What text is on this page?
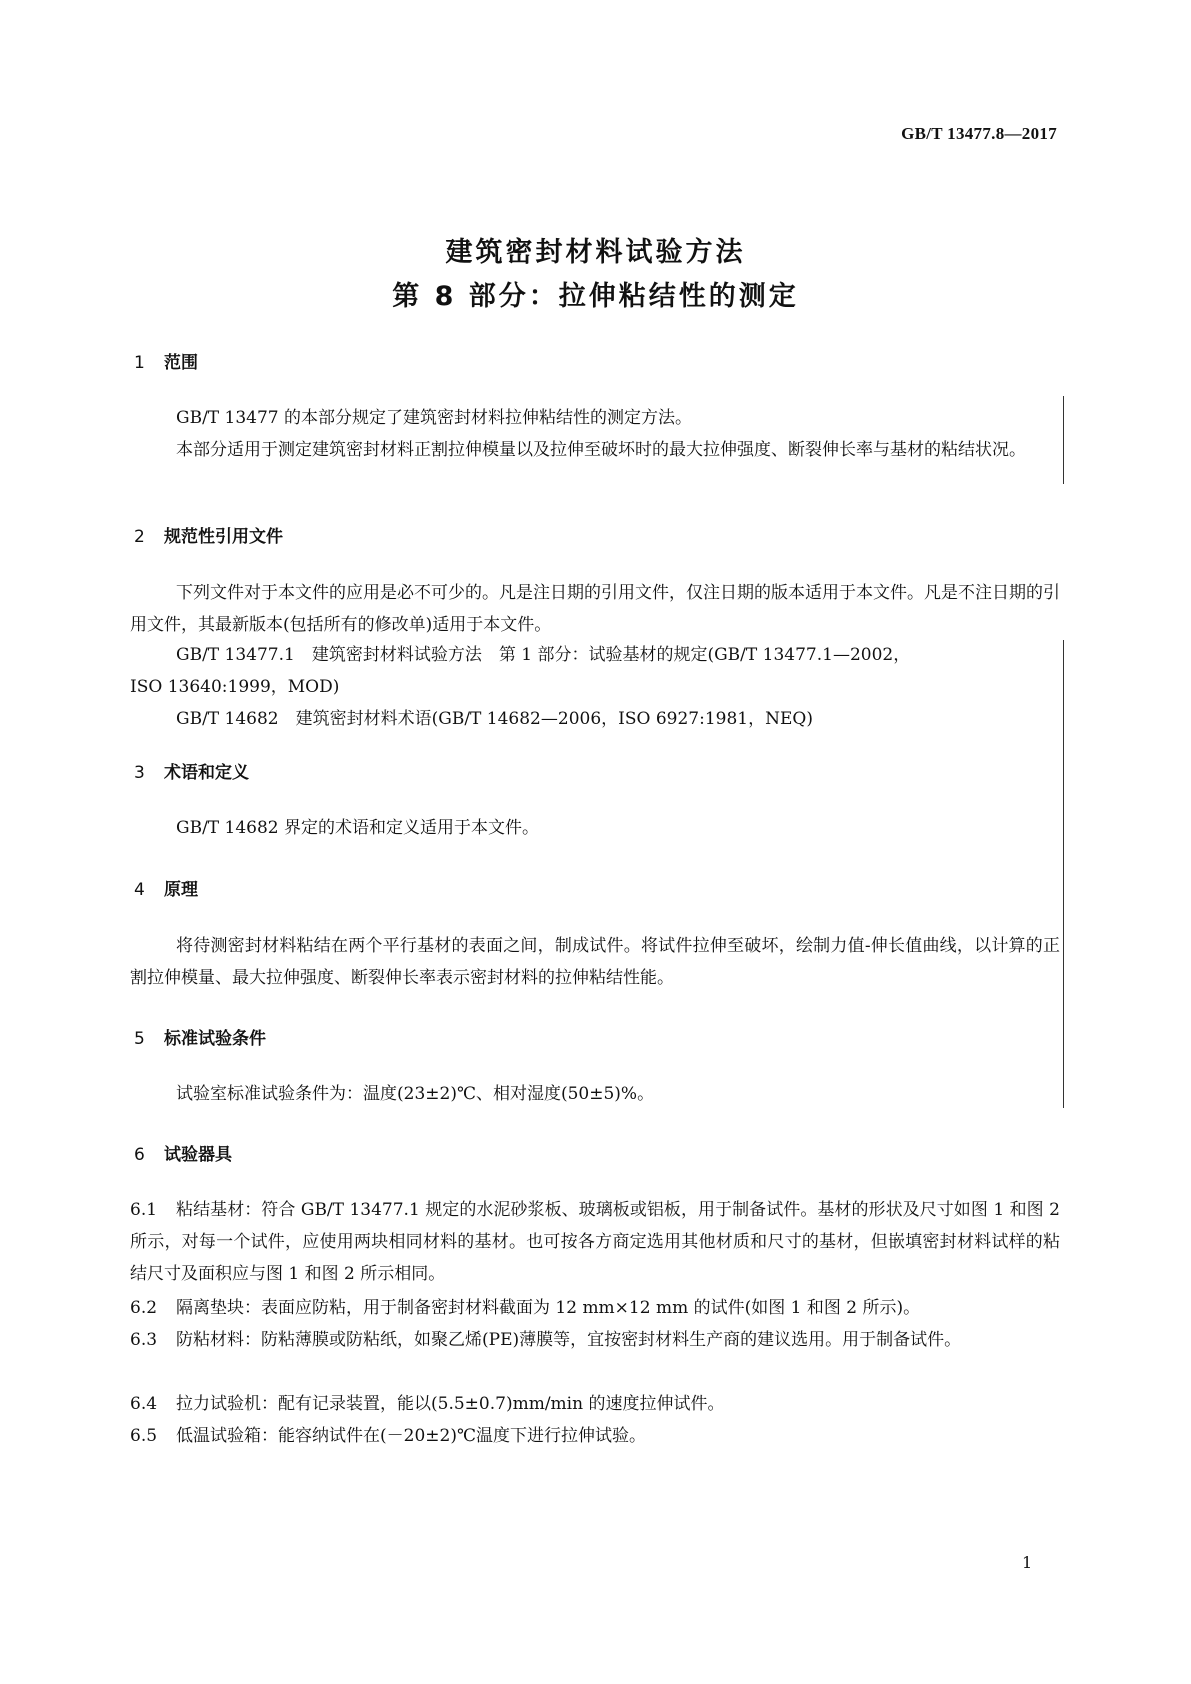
GB/T 13477.8—2017
建筑密封材料试验方法
第 8 部分：拉伸粘结性的测定
1 范围
GB/T 13477 的本部分规定了建筑密封材料拉伸粘结性的测定方法。
本部分适用于测定建筑密封材料正割拉伸模量以及拉伸至破坏时的最大拉伸强度、断裂伸长率与基材的粘结状况。
2 规范性引用文件
下列文件对于本文件的应用是必不可少的。凡是注日期的引用文件，仅注日期的版本适用于本文件。凡是不注日期的引用文件，其最新版本(包括所有的修改单)适用于本文件。
GB/T 13477.1　建筑密封材料试验方法　第 1 部分：试验基材的规定(GB/T 13477.1—2002，
ISO 13640:1999，MOD)
GB/T 14682　建筑密封材料术语(GB/T 14682—2006，ISO 6927:1981，NEQ)
3 术语和定义
GB/T 14682 界定的术语和定义适用于本文件。
4 原理
将待测密封材料粘结在两个平行基材的表面之间，制成试件。将试件拉伸至破坏，绘制力值-伸长值曲线，以计算的正割拉伸模量、最大拉伸强度、断裂伸长率表示密封材料的拉伸粘结性能。
5 标准试验条件
试验室标准试验条件为：温度(23±2)℃、相对湿度(50±5)%。
6 试验器具
6.1 粘结基材：符合 GB/T 13477.1 规定的水泥砂浆板、玻璃板或铝板，用于制备试件。基材的形状及尺寸如图 1 和图 2 所示，对每一个试件，应使用两块相同材料的基材。也可按各方商定选用其他材质和尺寸的基材，但嵌填密封材料试样的粘结尺寸及面积应与图 1 和图 2 所示相同。
6.2 隔离垫块：表面应防粘，用于制备密封材料截面为 12 mm×12 mm 的试件(如图 1 和图 2 所示)。
6.3 防粘材料：防粘薄膜或防粘纸，如聚乙烯(PE)薄膜等，宜按密封材料生产商的建议选用。用于制备试件。
6.4 拉力试验机：配有记录装置，能以(5.5±0.7)mm/min 的速度拉伸试件。
6.5 低温试验箱：能容纳试件在(－20±2)℃温度下进行拉伸试验。
1
